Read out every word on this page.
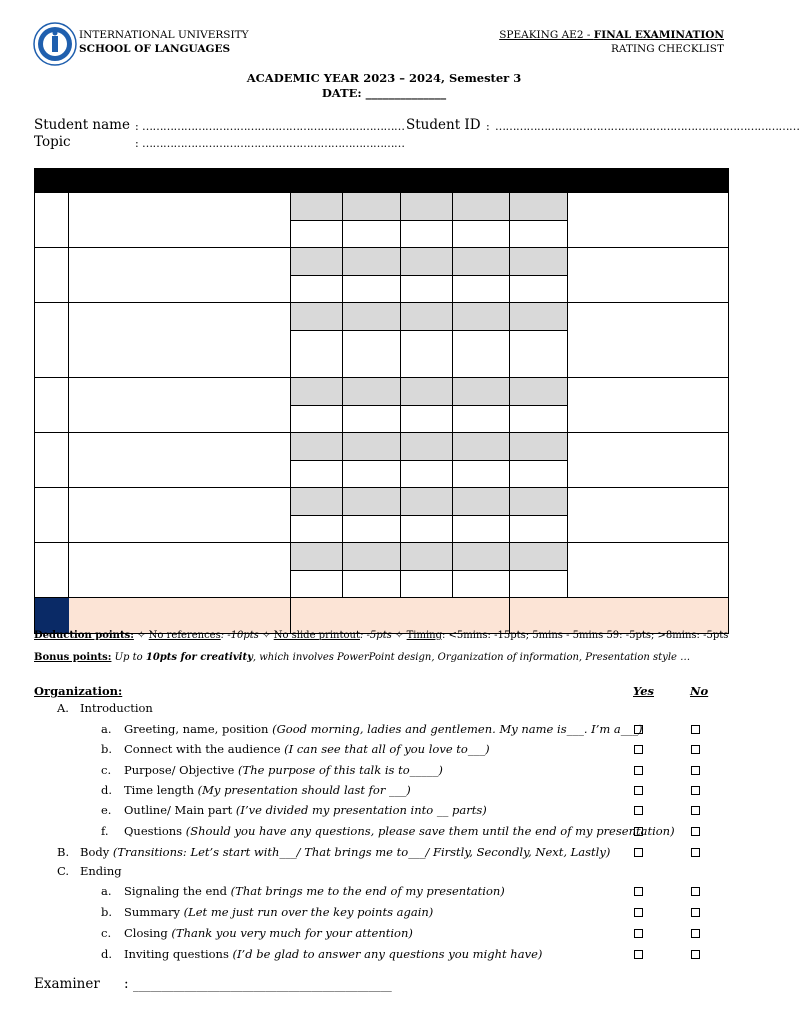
INTERNATIONAL UNIVERSITY
SCHOOL OF LANGUAGES
SPEAKING AE2 - FINAL EXAMINATION
RATING CHECKLIST
ACADEMIC YEAR 2023 – 2024, Semester 3
DATE: ______________
Student name : …………………………………………………………………
Topic	: …………………………………………………………………
Student ID : ……………………………………………………………………………
Deduction points: ✧ No references: -10pts ✧ No slide printout: -5pts ✧ Timing: <5mins: -15pts; 5mins - 5mins 59: -5pts; >8mins: -5pts
Bonus points: Up to 10pts for creativity, which involves PowerPoint design, Organization of information, Presentation style …
Organization:	Yes	No
A. Introduction
a. Greeting, name, position (Good morning, ladies and gentlemen. My name is___. I’m a___)
b. Connect with the audience (I can see that all of you love to___)
c. Purpose/ Objective (The purpose of this talk is to_____)
d. Time length (My presentation should last for ___)
e. Outline/ Main part (I’ve divided my presentation into __ parts)
f. Questions (Should you have any questions, please save them until the end of my presentation)
B. Body (Transitions: Let’s start with___/ That brings me to___/ Firstly, Secondly, Next, Lastly)
C. Ending
a. Signaling the end (That brings me to the end of my presentation)
b. Summary (Let me just run over the key points again)
c. Closing (Thank you very much for your attention)
d. Inviting questions (I’d be glad to answer any questions you might have)
Examiner : _____________________________________________
